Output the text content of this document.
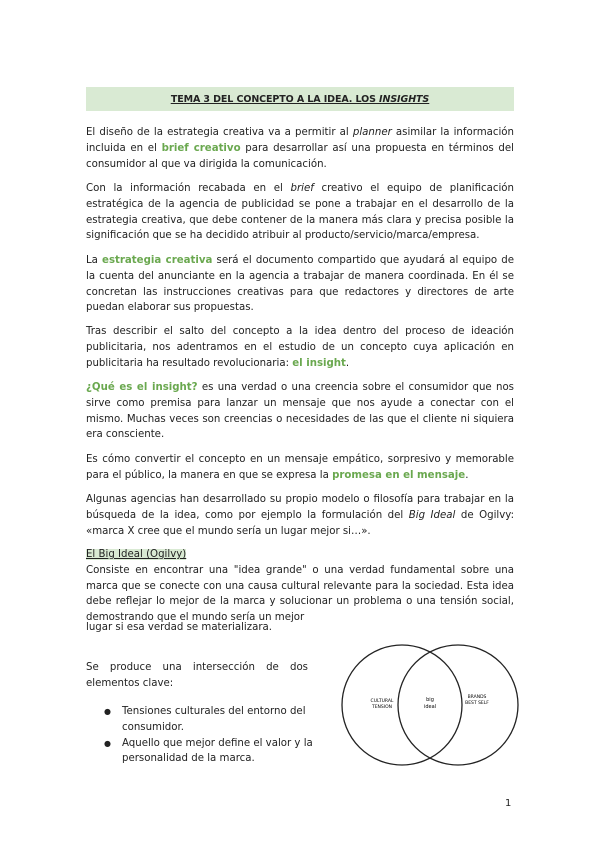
TEMA 3 DEL CONCEPTO A LA IDEA. LOS INSIGHTS

El diseño de la estrategia creativa va a permitir al planner asimilar la información incluida en el brief creativo para desarrollar así una propuesta en términos del consumidor al que va dirigida la comunicación.

Con la información recabada en el brief creativo el equipo de planificación estratégica de la agencia de publicidad se pone a trabajar en el desarrollo de la estrategia creativa, que debe contener de la manera más clara y precisa posible la significación que se ha decidido atribuir al producto/servicio/marca/empresa.

La estrategia creativa será el documento compartido que ayudará al equipo de la cuenta del anunciante en la agencia a trabajar de manera coordinada. En él se concretan las instrucciones creativas para que redactores y directores de arte puedan elaborar sus propuestas.

Tras describir el salto del concepto a la idea dentro del proceso de ideación publicitaria, nos adentramos en el estudio de un concepto cuya aplicación en publicitaria ha resultado revolucionaria: el insight.

¿Qué es el insight? es una verdad o una creencia sobre el consumidor que nos sirve como premisa para lanzar un mensaje que nos ayude a conectar con el mismo. Muchas veces son creencias o necesidades de las que el cliente ni siquiera era consciente.

Es cómo convertir el concepto en un mensaje empático, sorpresivo y memorable para el público, la manera en que se expresa la promesa en el mensaje.

Algunas agencias han desarrollado su propio modelo o filosofía para trabajar en la búsqueda de la idea, como por ejemplo la formulación del Big Ideal de Ogilvy: «marca X cree que el mundo sería un lugar mejor si…».

El Big Ideal (Ogilvy)
Consiste en encontrar una "idea grande" o una verdad fundamental sobre una marca que se conecte con una causa cultural relevante para la sociedad. Esta idea debe reflejar lo mejor de la marca y solucionar un problema o una tensión social, demostrando que el mundo sería un mejor

lugar si esa verdad se materializara.

Se produce una intersección de dos elementos clave:

● Tensiones culturales del entorno del consumidor.
● Aquello que mejor define el valor y la personalidad de la marca.
CULTURAL
TENSION
big
ideal
BRANDS
BEST SELF
1
